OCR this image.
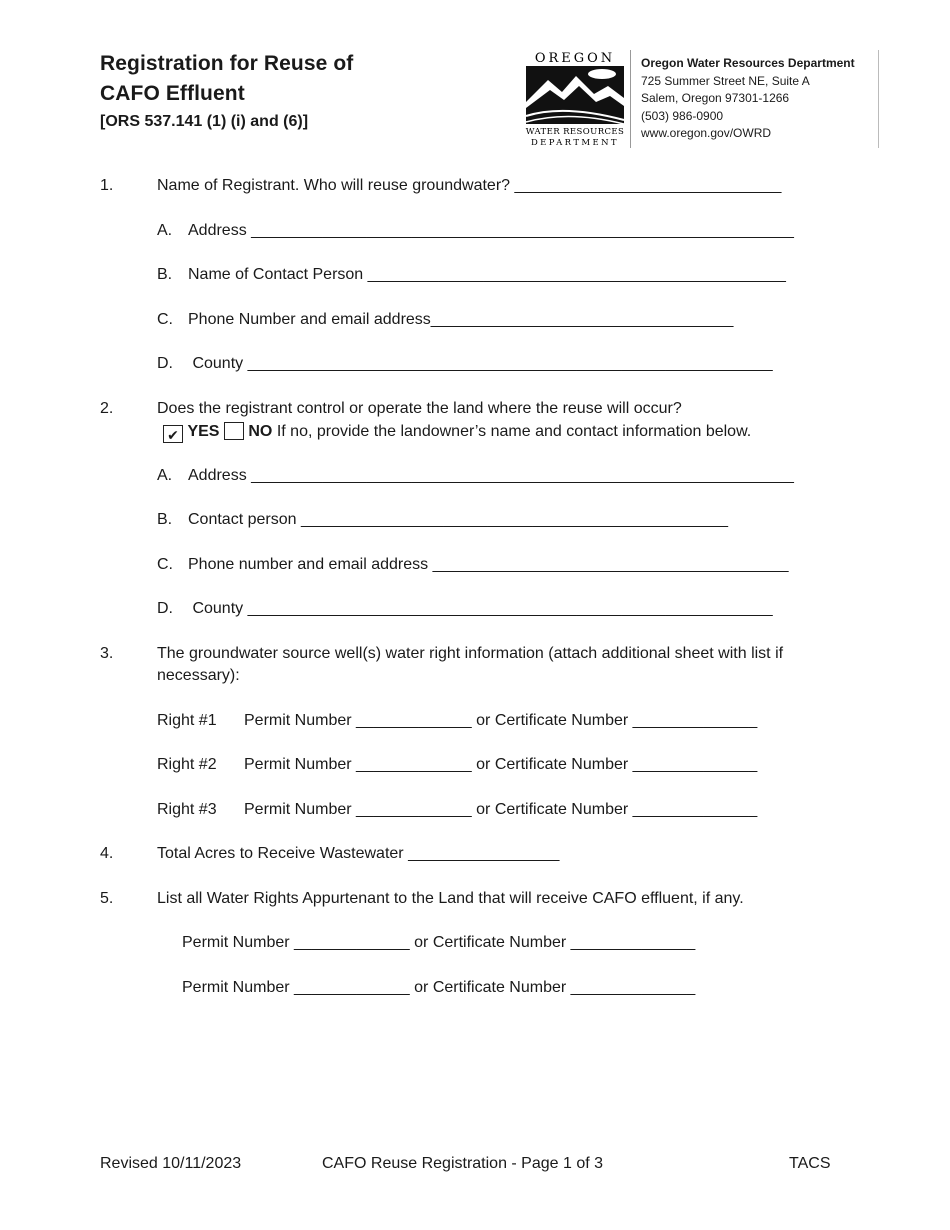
Registration for Reuse of
CAFO Effluent
[ORS 537.141 (1) (i) and (6)]
OREGON
WATER RESOURCES
DEPARTMENT
Oregon Water Resources Department
725 Summer Street NE, Suite A
Salem, Oregon 97301-1266
(503) 986-0900
www.oregon.gov/OWRD
1.	Name of Registrant. Who will reuse groundwater? ______________________________
A. Address _____________________________________________________________
B. Name of Contact Person _______________________________________________
C. Phone Number and email address__________________________________
D. County ___________________________________________________________
2.	Does the registrant control or operate the land where the reuse will occur?
✔ YES NO If no, provide the landowner’s name and contact information below.
A. Address _____________________________________________________________
B. Contact person ________________________________________________
C. Phone number and email address ________________________________________
D. County ___________________________________________________________
3.	The groundwater source well(s) water right information (attach additional sheet with list if
necessary):
Right #1 Permit Number _____________ or Certificate Number ______________
Right #2 Permit Number _____________ or Certificate Number ______________
Right #3 Permit Number _____________ or Certificate Number ______________
4.	Total Acres to Receive Wastewater _________________
5.	List all Water Rights Appurtenant to the Land that will receive CAFO effluent, if any.
Permit Number _____________ or Certificate Number ______________
Permit Number _____________ or Certificate Number ______________
Revised 10/11/2023	CAFO Reuse Registration - Page 1 of 3	TACS
